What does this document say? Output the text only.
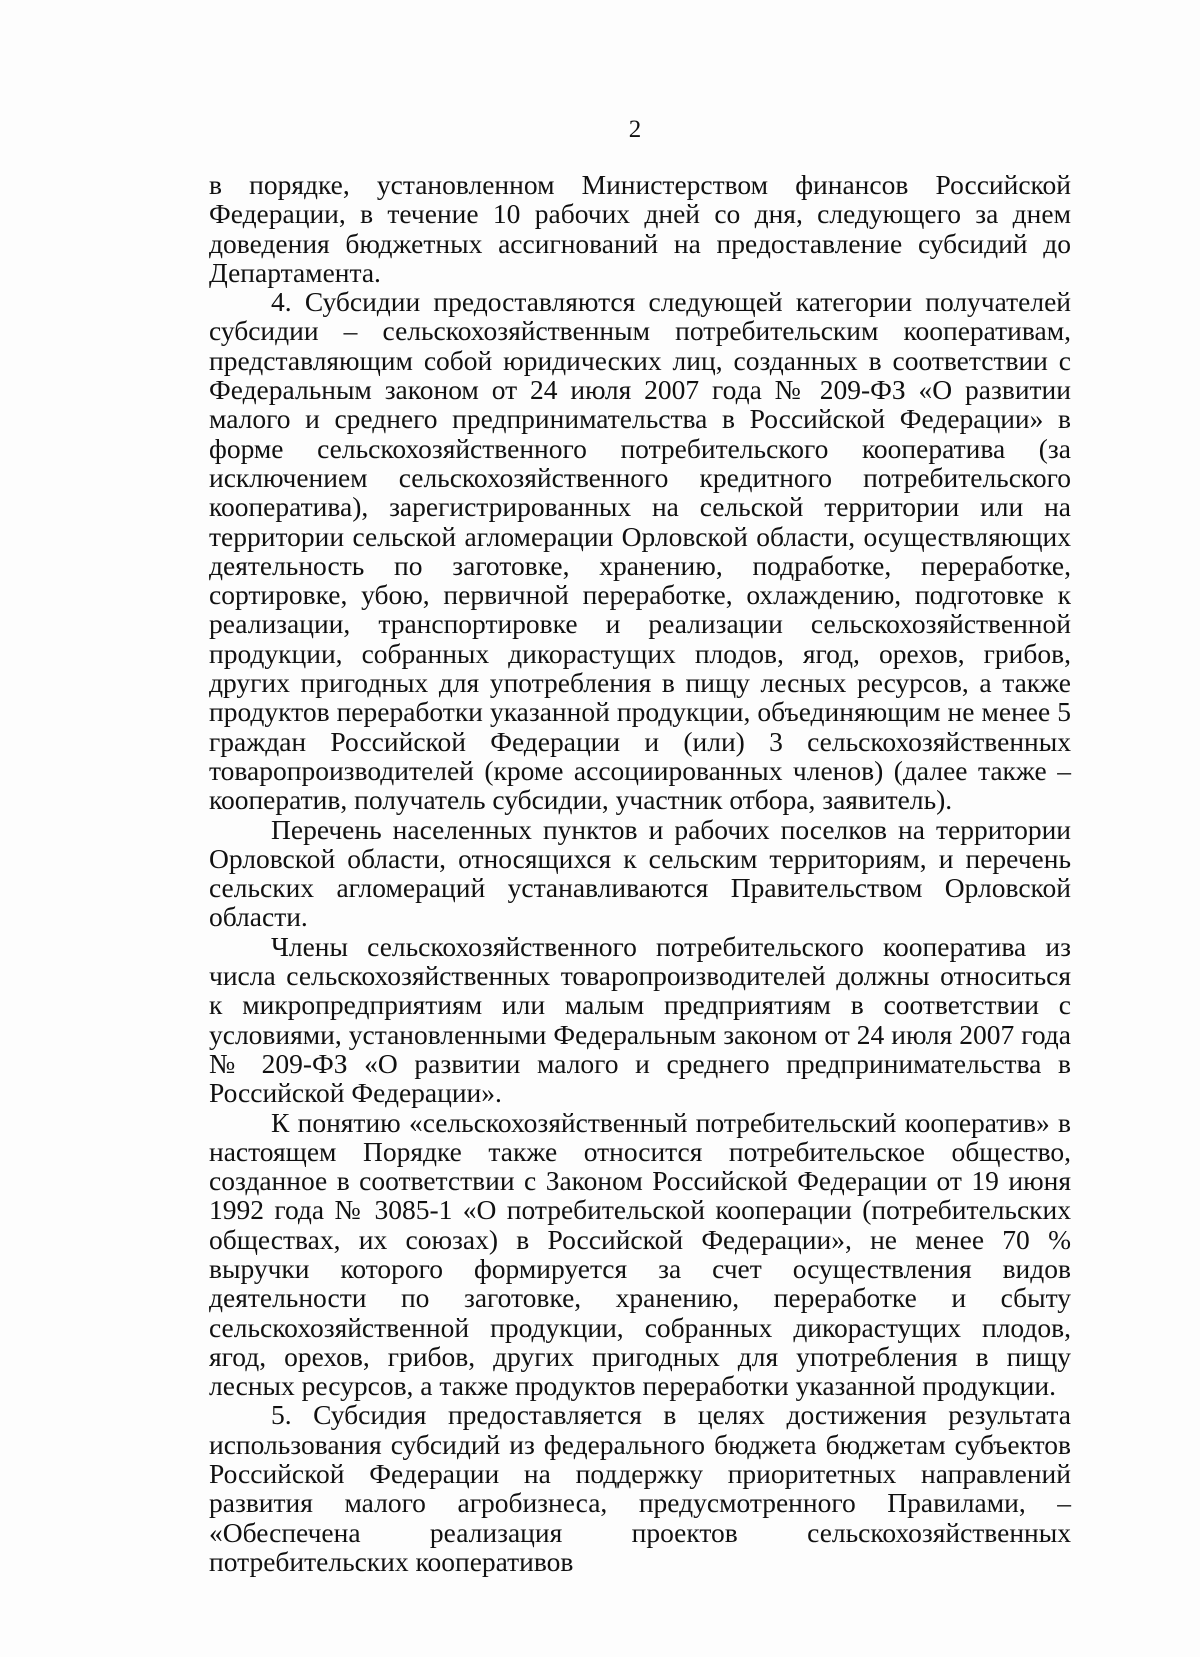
2

в порядке, установленном Министерством финансов Российской Федерации, в течение 10 рабочих дней со дня, следующего за днем доведения бюджетных ассигнований на предоставление субсидий до Департамента.

4. Субсидии предоставляются следующей категории получателей субсидии – сельскохозяйственным потребительским кооперативам, представляющим собой юридических лиц, созданных в соответствии с Федеральным законом от 24 июля 2007 года № 209-ФЗ «О развитии малого и среднего предпринимательства в Российской Федерации» в форме сельскохозяйственного потребительского кооператива (за исключением сельскохозяйственного кредитного потребительского кооператива), зарегистрированных на сельской территории или на территории сельской агломерации Орловской области, осуществляющих деятельность по заготовке, хранению, подработке, переработке, сортировке, убою, первичной переработке, охлаждению, подготовке к реализации, транспортировке и реализации сельскохозяйственной продукции, собранных дикорастущих плодов, ягод, орехов, грибов, других пригодных для употребления в пищу лесных ресурсов, а также продуктов переработки указанной продукции, объединяющим не менее 5 граждан Российской Федерации и (или) 3 сельскохозяйственных товаропроизводителей (кроме ассоциированных членов) (далее также – кооператив, получатель субсидии, участник отбора, заявитель).

Перечень населенных пунктов и рабочих поселков на территории Орловской области, относящихся к сельским территориям, и перечень сельских агломераций устанавливаются Правительством Орловской области.

Члены сельскохозяйственного потребительского кооператива из числа сельскохозяйственных товаропроизводителей должны относиться к микропредприятиям или малым предприятиям в соответствии с условиями, установленными Федеральным законом от 24 июля 2007 года № 209-ФЗ «О развитии малого и среднего предпринимательства в Российской Федерации».

К понятию «сельскохозяйственный потребительский кооператив» в настоящем Порядке также относится потребительское общество, созданное в соответствии с Законом Российской Федерации от 19 июня 1992 года № 3085-1 «О потребительской кооперации (потребительских обществах, их союзах) в Российской Федерации», не менее 70 % выручки которого формируется за счет осуществления видов деятельности по заготовке, хранению, переработке и сбыту сельскохозяйственной продукции, собранных дикорастущих плодов, ягод, орехов, грибов, других пригодных для употребления в пищу лесных ресурсов, а также продуктов переработки указанной продукции.

5. Субсидия предоставляется в целях достижения результата использования субсидий из федерального бюджета бюджетам субъектов Российской Федерации на поддержку приоритетных направлений развития малого агробизнеса, предусмотренного Правилами, – «Обеспечена реализация проектов сельскохозяйственных потребительских кооперативов
